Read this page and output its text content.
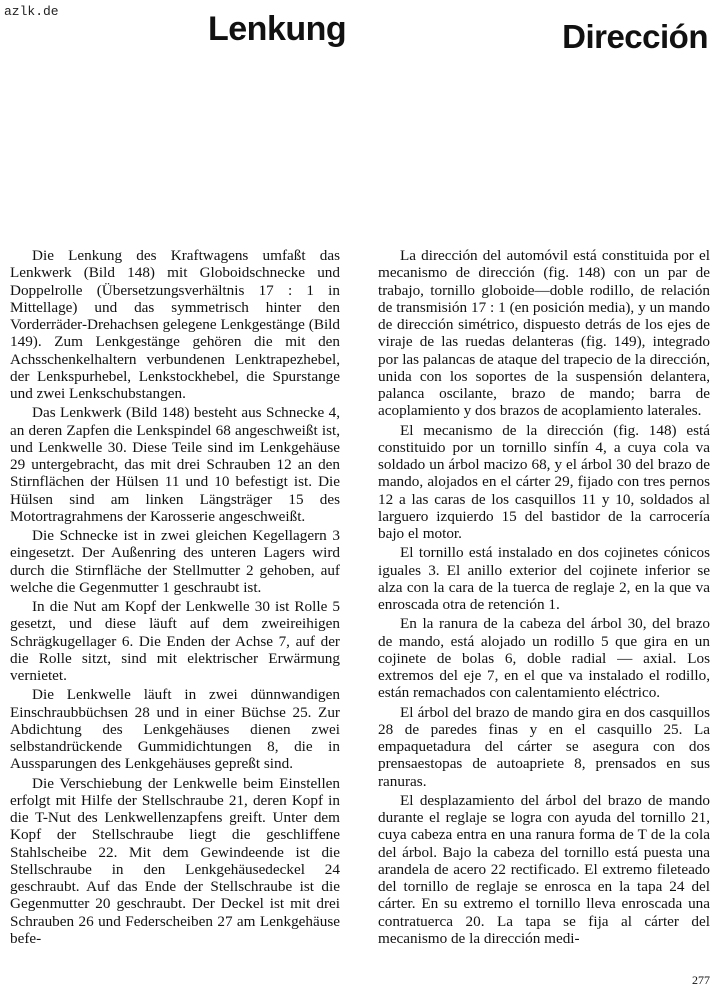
azlk.de	Lenkung	Dirección

Die Lenkung des Kraftwagens umfaßt das Lenkwerk (Bild 148) mit Globoidschnecke und Doppelrolle (Übersetzungsverhältnis 17 : 1 in Mittellage) und das symmetrisch hinter den Vorderräder-Drehachsen gelegene Lenkgestänge (Bild 149). Zum Lenkgestänge gehören die mit den Achsschenkelhaltern verbundenen Lenktrapezhebel, der Lenkspurhebel, Lenkstockhebel, die Spurstange und zwei Lenkschubstangen.

Das Lenkwerk (Bild 148) besteht aus Schnecke 4, an deren Zapfen die Lenkspindel 68 angeschweißt ist, und Lenkwelle 30. Diese Teile sind im Lenkgehäuse 29 untergebracht, das mit drei Schrauben 12 an den Stirnflächen der Hülsen 11 und 10 befestigt ist. Die Hülsen sind am linken Längsträger 15 des Motortragrahmens der Karosserie angeschweißt.

Die Schnecke ist in zwei gleichen Kegellagern 3 eingesetzt. Der Außenring des unteren Lagers wird durch die Stirnfläche der Stellmutter 2 gehoben, auf welche die Gegenmutter 1 geschraubt ist.

In die Nut am Kopf der Lenkwelle 30 ist Rolle 5 gesetzt, und diese läuft auf dem zweireihigen Schrägkugellager 6. Die Enden der Achse 7, auf der die Rolle sitzt, sind mit elektrischer Erwärmung vernietet.

Die Lenkwelle läuft in zwei dünnwandigen Einschraubbüchsen 28 und in einer Büchse 25. Zur Abdichtung des Lenkgehäuses dienen zwei selbstandrückende Gummidichtungen 8, die in Aussparungen des Lenkgehäuses gepreßt sind.

Die Verschiebung der Lenkwelle beim Einstellen erfolgt mit Hilfe der Stellschraube 21, deren Kopf in die T-Nut des Lenkwellenzapfens greift. Unter dem Kopf der Stellschraube liegt die geschliffene Stahlscheibe 22. Mit dem Gewindeende ist die Stellschraube in den Lenkgehäusedeckel 24 geschraubt. Auf das Ende der Stellschraube ist die Gegenmutter 20 geschraubt. Der Deckel ist mit drei Schrauben 26 und Federscheiben 27 am Lenkgehäuse befe-

La dirección del automóvil está constituida por el mecanismo de dirección (fig. 148) con un par de trabajo, tornillo globoide—doble rodillo, de relación de transmisión 17 : 1 (en posición media), y un mando de dirección simétrico, dispuesto detrás de los ejes de viraje de las ruedas delanteras (fig. 149), integrado por las palancas de ataque del trapecio de la dirección, unida con los soportes de la suspensión delantera, palanca oscilante, brazo de mando; barra de acoplamiento y dos brazos de acoplamiento laterales.

El mecanismo de la dirección (fig. 148) está constituido por un tornillo sinfín 4, a cuya cola va soldado un árbol macizo 68, y el árbol 30 del brazo de mando, alojados en el cárter 29, fijado con tres pernos 12 a las caras de los casquillos 11 y 10, soldados al larguero izquierdo 15 del bastidor de la carrocería bajo el motor.

El tornillo está instalado en dos cojinetes cónicos iguales 3. El anillo exterior del cojinete inferior se alza con la cara de la tuerca de reglaje 2, en la que va enroscada otra de retención 1.

En la ranura de la cabeza del árbol 30, del brazo de mando, está alojado un rodillo 5 que gira en un cojinete de bolas 6, doble radial — axial. Los extremos del eje 7, en el que va instalado el rodillo, están remachados con calentamiento eléctrico.

El árbol del brazo de mando gira en dos casquillos 28 de paredes finas y en el casquillo 25. La empaquetadura del cárter se asegura con dos prensaestopas de autoapriete 8, prensados en sus ranuras.

El desplazamiento del árbol del brazo de mando durante el reglaje se logra con ayuda del tornillo 21, cuya cabeza entra en una ranura forma de T de la cola del árbol. Bajo la cabeza del tornillo está puesta una arandela de acero 22 rectificado. El extremo fileteado del tornillo de reglaje se enrosca en la tapa 24 del cárter. En su extremo el tornillo lleva enroscada una contratuerca 20. La tapa se fija al cárter del mecanismo de la dirección medi-

277
